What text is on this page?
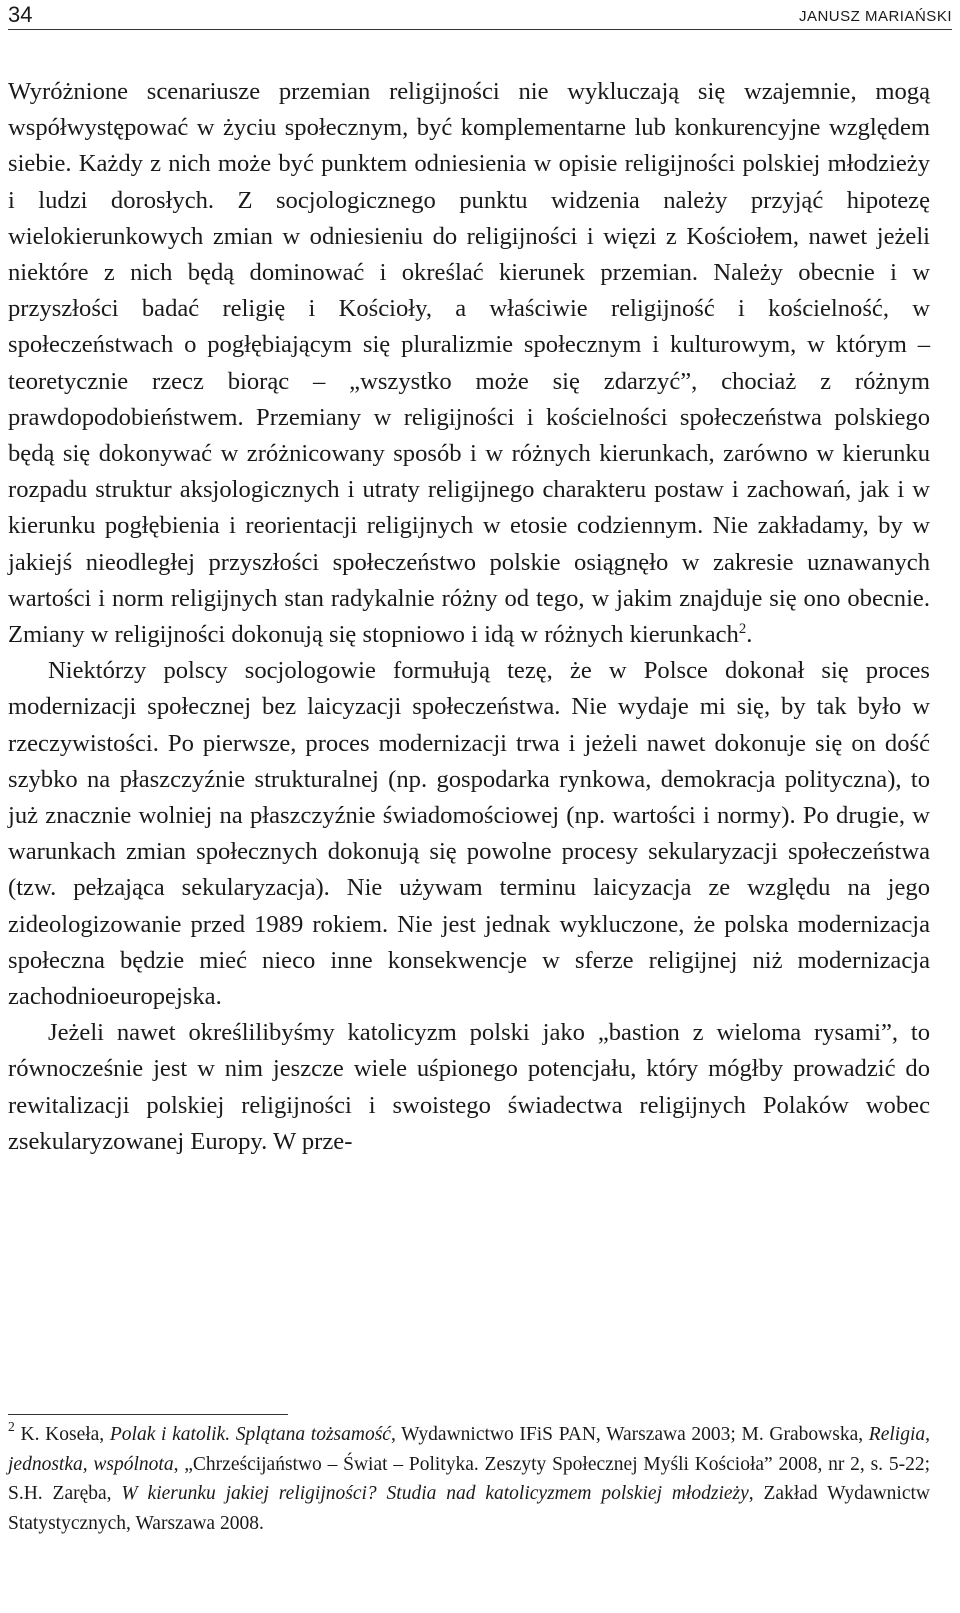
34	JANUSZ MARIAŃSKI

Wyróżnione scenariusze przemian religijności nie wykluczają się wzajemnie, mogą współwystępować w życiu społecznym, być komplementarne lub konkurencyjne względem siebie. Każdy z nich może być punktem odniesienia w opisie religijności polskiej młodzieży i ludzi dorosłych. Z socjologicznego punktu widzenia należy przyjąć hipotezę wielokierunkowych zmian w odniesieniu do religijności i więzi z Kościołem, nawet jeżeli niektóre z nich będą dominować i określać kierunek przemian. Należy obecnie i w przyszłości badać religię i Kościoły, a właściwie religijność i kościelność, w społeczeństwach o pogłębiającym się pluralizmie społecznym i kulturowym, w którym – teoretycznie rzecz biorąc – „wszystko może się zdarzyć”, chociaż z różnym prawdopodobieństwem. Przemiany w religijności i kościelności społeczeństwa polskiego będą się dokonywać w zróżnicowany sposób i w różnych kierunkach, zarówno w kierunku rozpadu struktur aksjologicznych i utraty religijnego charakteru postaw i zachowań, jak i w kierunku pogłębienia i reorientacji religijnych w etosie codziennym. Nie zakładamy, by w jakiejś nieodległej przyszłości społeczeństwo polskie osiągnęło w zakresie uznawanych wartości i norm religijnych stan radykalnie różny od tego, w jakim znajduje się ono obecnie. Zmiany w religijności dokonują się stopniowo i idą w różnych kierunkach$^2$.

Niektórzy polscy socjologowie formułują tezę, że w Polsce dokonał się proces modernizacji społecznej bez laicyzacji społeczeństwa. Nie wydaje mi się, by tak było w rzeczywistości. Po pierwsze, proces modernizacji trwa i jeżeli nawet dokonuje się on dość szybko na płaszczyźnie strukturalnej (np. gospodarka rynkowa, demokracja polityczna), to już znacznie wolniej na płaszczyźnie świadomościowej (np. wartości i normy). Po drugie, w warunkach zmian społecznych dokonują się powolne procesy sekularyzacji społeczeństwa (tzw. pełzająca sekularyzacja). Nie używam terminu laicyzacja ze względu na jego zideologizowanie przed 1989 rokiem. Nie jest jednak wykluczone, że polska modernizacja społeczna będzie mieć nieco inne konsekwencje w sferze religijnej niż modernizacja zachodnioeuropejska.

Jeżeli nawet określilibyśmy katolicyzm polski jako „bastion z wieloma rysami”, to równocześnie jest w nim jeszcze wiele uśpionego potencjału, który mógłby prowadzić do rewitalizacji polskiej religijności i swoistego świadectwa religijnych Polaków wobec zsekularyzowanej Europy. W prze-

$^2$ K. Koseła, Polak i katolik. Splątana tożsamość, Wydawnictwo IFiS PAN, Warszawa 2003; M. Grabowska, Religia, jednostka, wspólnota, „Chrześcijaństwo – Świat – Polityka. Zeszyty Społecznej Myśli Kościoła” 2008, nr 2, s. 5-22; S.H. Zaręba, W kierunku jakiej religijności? Studia nad katolicyzmem polskiej młodzieży, Zakład Wydawnictw Statystycznych, Warszawa 2008.
